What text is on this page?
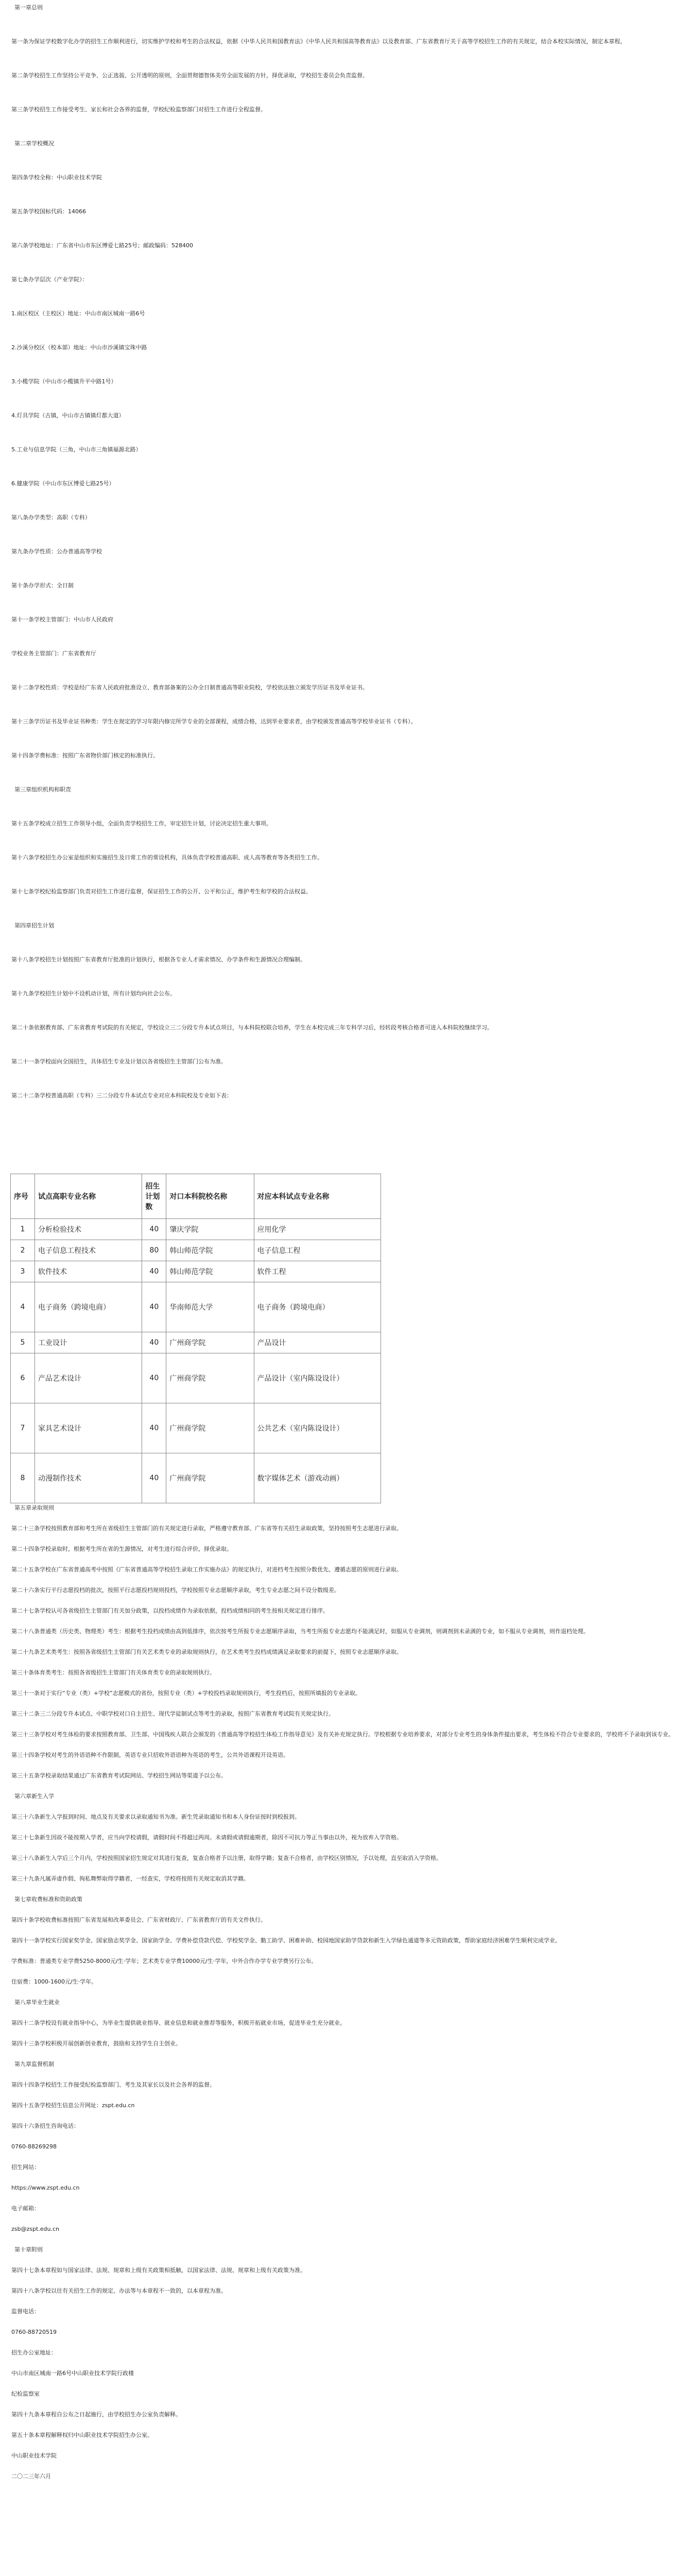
第一章总则
第一条为保证学校数字化办学的招生工作顺利进行，切实维护学校和考生的合法权益，依据《中华人民共和国教育法》《中华人民共和国高等教育法》以及教育部、广东省教育厅关于高等学校招生工作的有关规定，结合本校实际情况，制定本章程。
第二条学校招生工作坚持公平竞争、公正选拔、公开透明的原则，全面贯彻德智体美劳全面发展的方针，择优录取，学校招生委员会负责监督。
第三条学校招生工作接受考生、家长和社会各界的监督，学校纪检监察部门对招生工作进行全程监督。
第二章学校概况
第四条学校全称：中山职业技术学院
第五条学校国标代码：14066
第六条学校地址：广东省中山市东区博爱七路25号；邮政编码：528400
第七条办学层次（产业学院）：
1.南区校区（主校区）地址：中山市南区城南一路6号
2.沙溪分校区（校本部）地址：中山市沙溪镇宝珠中路
3.小榄学院（中山市小榄镇升平中路1号）
4.灯具学院（古镇，中山市古镇镇灯都大道）
5.工业与信息学院（三角，中山市三角镇福源北路）
6.健康学院（中山市东区博爱七路25号）
第八条办学类型：高职（专科）
第九条办学性质：公办普通高等学校
第十条办学形式：全日制
第十一条学校主管部门：中山市人民政府
学校业务主管部门：广东省教育厅
第十二条学校性质：学校是经广东省人民政府批准设立、教育部备案的公办全日制普通高等职业院校，学校依法独立颁发学历证书及毕业证书。
第十三条学历证书及毕业证书种类：学生在规定的学习年限内修完所学专业的全部课程，成绩合格，达到毕业要求者，由学校颁发普通高等学校毕业证书（专科）。
第十四条学费标准：按照广东省物价部门核定的标准执行。
第三章组织机构和职责
第十五条学校成立招生工作领导小组，全面负责学校招生工作，审定招生计划，讨论决定招生重大事项。
第十六条学校招生办公室是组织和实施招生及日常工作的常设机构，具体负责学校普通高职、成人高等教育等各类招生工作。
第十七条学校纪检监察部门负责对招生工作进行监督，保证招生工作的公开、公平和公正，维护考生和学校的合法权益。
第四章招生计划
第十八条学校招生计划按照广东省教育厅批准的计划执行，根据各专业人才需求情况、办学条件和生源情况合理编制。
第十九条学校招生计划中不设机动计划，所有计划均向社会公布。
第二十条依据教育部、广东省教育考试院的有关规定，学校设立三二分段专升本试点项目，与本科院校联合培养，学生在本校完成三年专科学习后，经转段考核合格者可进入本科院校继续学习。
第二十一条学校面向全国招生，具体招生专业及计划以各省级招生主管部门公布为准。
第二十二条学校普通高职（专科）三二分段专升本试点专业对应本科院校及专业如下表：
序号	试点高职专业名称	招生计划数	对口本科院校名称	对应本科试点专业名称
1	分析检验技术	40	肇庆学院	应用化学
2	电子信息工程技术	80	韩山师范学院	电子信息工程
3	软件技术	40	韩山师范学院	软件工程
4	电子商务（跨境电商）	40	华南师范大学	电子商务（跨境电商）
5	工业设计	40	广州商学院	产品设计
6	产品艺术设计	40	广州商学院	产品设计（室内陈设设计）
7	家具艺术设计	40	广州商学院	公共艺术（室内陈设设计）
8	动漫制作技术	40	广州商学院	数字媒体艺术（游戏动画）
第五章录取规则
第二十三条学校按照教育部和考生所在省级招生主管部门的有关规定进行录取，严格遵守教育部、广东省等有关招生录取政策，坚持按照考生志愿进行录取。
第二十四条学校录取时，根据考生所在省的生源情况，对考生进行综合评价，择优录取。
第二十五条学校在广东省普通高考中按照《广东省普通高等学校招生录取工作实施办法》的规定执行，对进档考生按照分数优先、遵循志愿的原则进行录取。
第二十六条实行平行志愿投档的批次，按照平行志愿投档规则投档，学校按照专业志愿顺序录取，考生专业志愿之间不设分数级差。
第二十七条学校认可各省级招生主管部门有关加分政策，以投档成绩作为录取依据，投档成绩相同的考生按相关规定进行排序。
第二十八条普通类（历史类、物理类）考生：根据考生投档成绩由高到低排序，依次按考生所报专业志愿顺序录取，当考生所报专业志愿均不能满足时，如服从专业调剂，则调剂到未录满的专业，如不服从专业调剂，则作退档处理。
第二十九条艺术类考生：按照各省级招生主管部门有关艺术类专业的录取规则执行，在艺术类考生投档成绩满足录取要求的前提下，按照专业志愿顺序录取。
第三十条体育类考生：按照各省级招生主管部门有关体育类专业的录取规则执行。
第三十一条对于实行“专业（类）+学校”志愿模式的省份，按照专业（类）+学校投档录取规则执行，考生投档后，按照所填报的专业录取。
第三十二条三二分段专升本试点、中职学校对口自主招生、现代学徒制试点等考生的录取，按照广东省教育考试院有关规定执行。
第三十三条学校对考生体检的要求按照教育部、卫生部、中国残疾人联合会颁发的《普通高等学校招生体检工作指导意见》及有关补充规定执行。学校根据专业培养要求，对部分专业考生的身体条件提出要求，考生体检不符合专业要求的，学校将不予录取到该专业。
第三十四条学校对考生的外语语种不作限制，英语专业只招收外语语种为英语的考生，公共外语课程开设英语。
第三十五条学校录取结果通过广东省教育考试院网站、学校招生网站等渠道予以公布。
第六章新生入学
第三十六条新生入学报到时间、地点及有关要求以录取通知书为准。新生凭录取通知书和本人身份证按时到校报到。
第三十七条新生因故不能按期入学者，应当向学校请假，请假时间不得超过两周。未请假或请假逾期者，除因不可抗力等正当事由以外，视为放弃入学资格。
第三十八条新生入学后三个月内，学校按照国家招生规定对其进行复查，复查合格者予以注册，取得学籍；复查不合格者，由学校区别情况，予以处理，直至取消入学资格。
第三十九条凡属弄虚作假、徇私舞弊取得学籍者，一经查实，学校将按照有关规定取消其学籍。
第七章收费标准和资助政策
第四十条学校收费标准按照广东省发展和改革委员会、广东省财政厅、广东省教育厅的有关文件执行。
第四十一条学校实行国家奖学金、国家励志奖学金、国家助学金、学费补偿贷款代偿、学校奖学金、勤工助学、困难补助、校园地国家助学贷款和新生入学绿色通道等多元资助政策，帮助家庭经济困难学生顺利完成学业。
学费标准：普通类专业学费5250-8000元/生·学年；艺术类专业学费10000元/生·学年，中外合作办学专业学费另行公布。
住宿费：1000-1600元/生·学年。
第八章毕业生就业
第四十二条学校设有就业指导中心，为毕业生提供就业指导、就业信息和就业推荐等服务，积极开拓就业市场，促进毕业生充分就业。
第四十三条学校积极开展创新创业教育，鼓励和支持学生自主创业。
第九章监督机制
第四十四条学校招生工作接受纪检监察部门、考生及其家长以及社会各界的监督。
第四十五条学校招生信息公开网址：zspt.edu.cn
第四十六条招生咨询电话：
0760-88269298
招生网站：
https://www.zspt.edu.cn
电子邮箱：
zsb@zspt.edu.cn
第十章附则
第四十七条本章程如与国家法律、法规、规章和上级有关政策相抵触，以国家法律、法规、规章和上级有关政策为准。
第四十八条学校以往有关招生工作的规定、办法等与本章程不一致的，以本章程为准。
监督电话：
0760-88720519
招生办公室地址：
中山市南区城南一路6号中山职业技术学院行政楼
纪检监察室
第四十九条本章程自公布之日起施行，由学校招生办公室负责解释。
第五十条本章程解释权归中山职业技术学院招生办公室。
中山职业技术学院
二〇二三年六月
